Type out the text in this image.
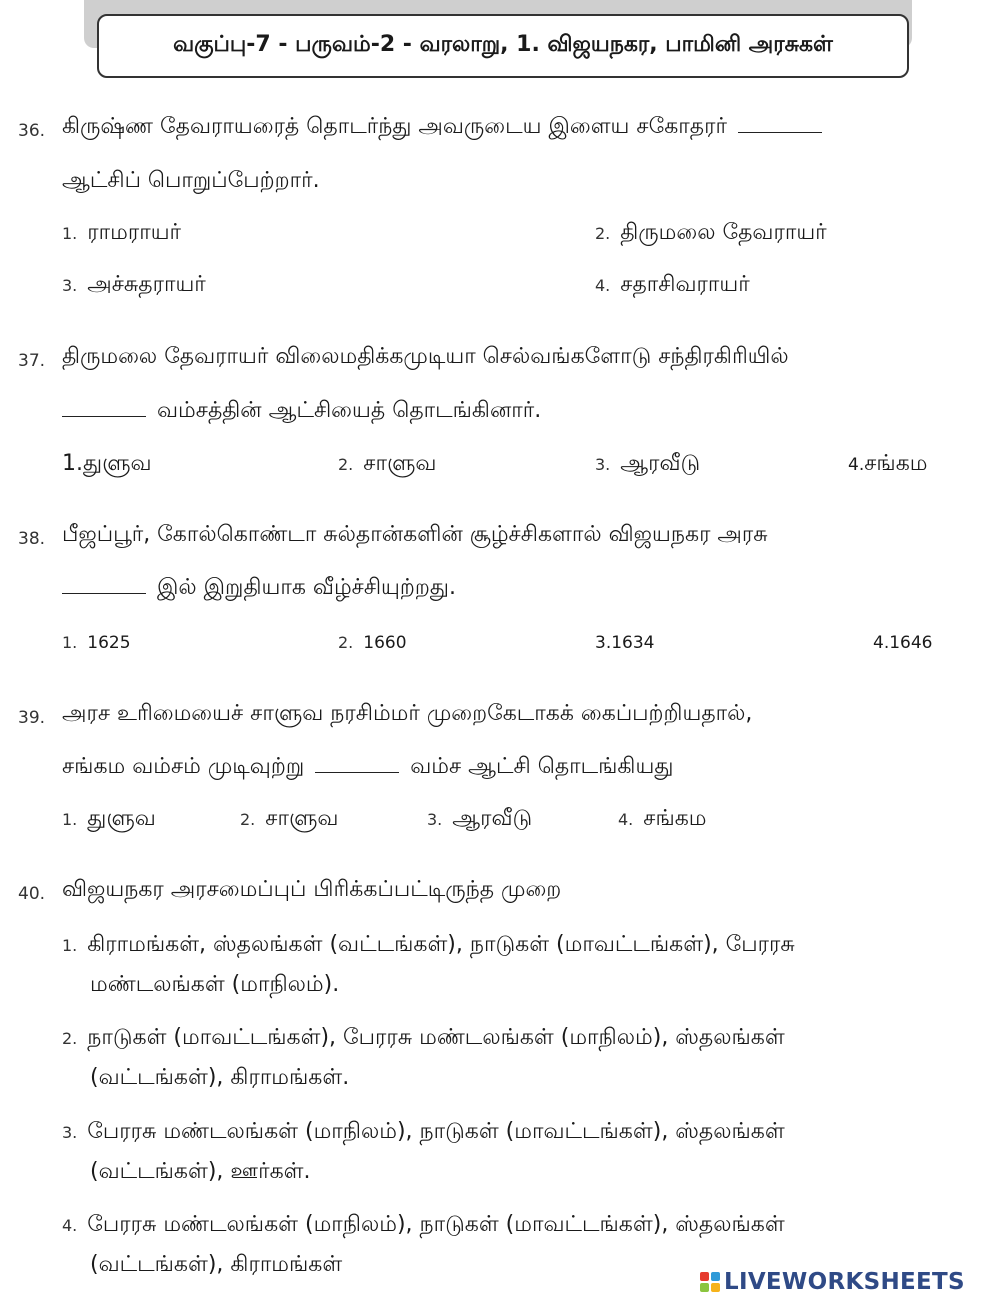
வகுப்பு-7 - பருவம்-2 - வரலாறு, 1. விஜயநகர, பாமினி அரசுகள்
36. கிருஷ்ண தேவராயரைத் தொடர்ந்து அவருடைய இளைய சகோதரர்
ஆட்சிப் பொறுப்பேற்றார்.
1. ராமராயர்	2. திருமலை தேவராயர்
3. அச்சுதராயர்	4. சதாசிவராயர்
37. திருமலை தேவராயர் விலைமதிக்கமுடியா செல்வங்களோடு சந்திரகிரியில்
வம்சத்தின் ஆட்சியைத் தொடங்கினார்.
1.துளுவ	2. சாளுவ	3. ஆரவீடு	4.சங்கம
38. பீஜப்பூர், கோல்கொண்டா சுல்தான்களின் சூழ்ச்சிகளால் விஜயநகர அரசு
இல் இறுதியாக வீழ்ச்சியுற்றது.
1. 1625	2. 1660	3.1634	4.1646
39. அரச உரிமையைச் சாளுவ நரசிம்மர் முறைகேடாகக் கைப்பற்றியதால்,
சங்கம வம்சம் முடிவுற்று	வம்ச ஆட்சி தொடங்கியது
1. துளுவ	2. சாளுவ	3. ஆரவீடு	4. சங்கம
40. விஜயநகர அரசமைப்புப் பிரிக்கப்பட்டிருந்த முறை
1. கிராமங்கள், ஸ்தலங்கள் (வட்டங்கள்), நாடுகள் (மாவட்டங்கள்), பேரரசு
மண்டலங்கள் (மாநிலம்).
2. நாடுகள் (மாவட்டங்கள்), பேரரசு மண்டலங்கள் (மாநிலம்), ஸ்தலங்கள்
(வட்டங்கள்), கிராமங்கள்.
3. பேரரசு மண்டலங்கள் (மாநிலம்), நாடுகள் (மாவட்டங்கள்), ஸ்தலங்கள்
(வட்டங்கள்), ஊர்கள்.
4. பேரரசு மண்டலங்கள் (மாநிலம்), நாடுகள் (மாவட்டங்கள்), ஸ்தலங்கள்
(வட்டங்கள்), கிராமங்கள்
LIVEWORKSHEETS
